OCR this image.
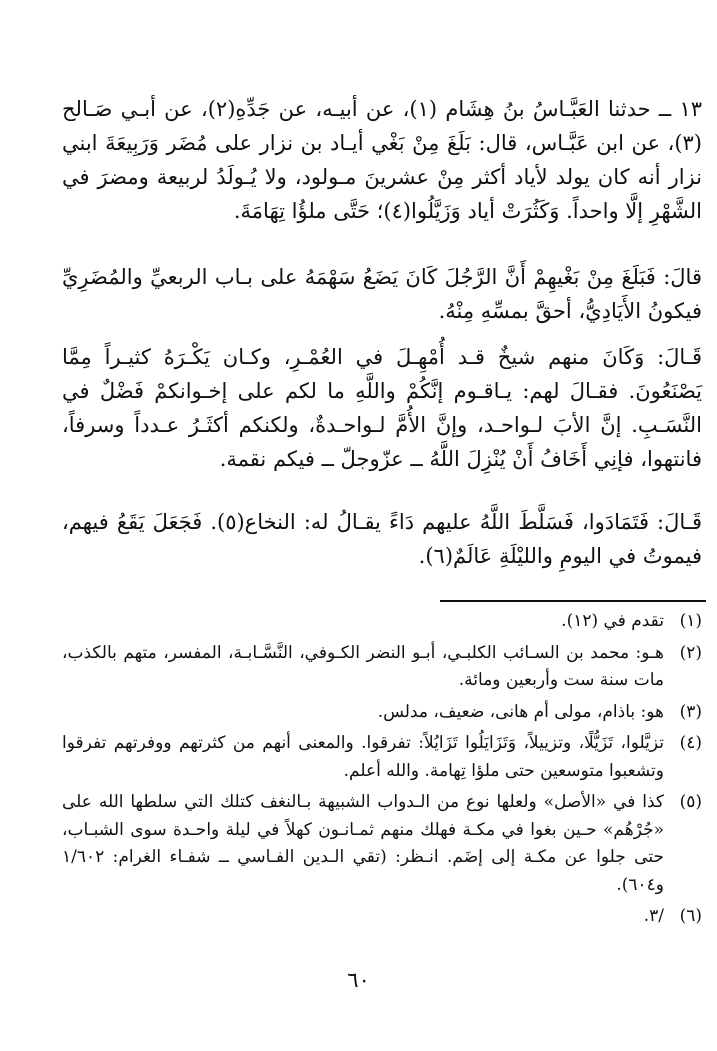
١٣ ــ حدثنا العَبَّـاسُ بنُ هِشَام (١)، عن أبيـه، عن جَدِّهِ(٢)، عن أبـي صَـالح (٣)، عن ابن عَبَّـاس، قال: بَلَغَ مِنْ بَغْي أيـاد بن نزار على مُضَر وَرَبِيعَةَ ابني نزار أنه كان يولد لأياد أكثر مِنْ عشرينَ مـولود، ولا يُـولَدُ لربيعة ومضرَ في الشَّهْرِ إلَّا واحداً. وَكَثُرَتْ أياد وَزَيَّلُوا(٤)؛ حَتَّى ملؤُا تِهَامَةَ.

قالَ: فَبَلَغَ مِنْ بَغْيهِمْ أَنَّ الرَّجُلَ كَانَ يَضَعُ سَهْمَهُ على بـاب الربعيِّ والمُضَرِيِّ فيكونُ الأَيَادِيُّ، أحقَّ بمسِّهِ مِنْهُ.

قَـالَ: وَكَانَ منهم شيخٌ قـد أُمْهِـلَ في العُمْـرِ، وكـان يَكْـرَهُ كثيـراً مِمَّا يَصْنَعُونَ. فقـالَ لهم: يـاقـوم إنَّكُمْ واللَّهِ ما لكم على إخـوانكمْ فَضْلٌ في النَّسَـبِ. إنَّ الأبَ لـواحـد، وإنَّ الأُمَّ لـواحـدةٌ، ولكنكم أكثَـرُ عـدداً وسرفاً، فانتهوا، فإنِي أَخَافُ أَنْ يُنْزِلَ اللَّهُ ــ عزّوجلّ ــ فيكم نقمة.

قَـالَ: فَتَمَادَوا، فَسَلَّطَ اللَّهُ عليهم دَاءً يقـالُ له: النخاع(٥). فَجَعَلَ يَقَعُ فيهم، فيموتُ في اليومِ والليْلَةِ عَالَمٌ(٦).

(١)
تقدم في (١٢).
(٢)
هـو: محمد بن السـائب الكلبـي، أبـو النضر الكـوفي، النَّسَّـابـة، المفسر، متهم بالكذب، مات سنة ست وأربعين ومائة.
(٣)
هو: باذام، مولى أم هانى، ضعيف، مدلس.
(٤)
تزيَّلوا، تَزَيُّلًا، وتزييلاً، وَتَزَايَلُوا تَزَايُلاً: تفرقوا. والمعنى أنهم من كثرتهم ووفرتهم تفرقوا وتشعبوا متوسعين حتى ملؤا تِهامة. والله أعلم.
(٥)
كذا في «الأصل» ولعلها نوع من الـدواب الشبيهة بـالنغف كتلك التي سلطها الله على «جُرْهُم» حـين بغوا في مكـة فهلك منهم ثمـانـون كهلاً في ليلة واحـدة سوى الشبـاب، حتى جلوا عن مكـة إلى إضَم. انـظر: (تقي الـدين الفـاسي ــ شفـاء الغرام: ١/٦٠٢ و٦٠٤).
(٦)
/٣.
٦٠
